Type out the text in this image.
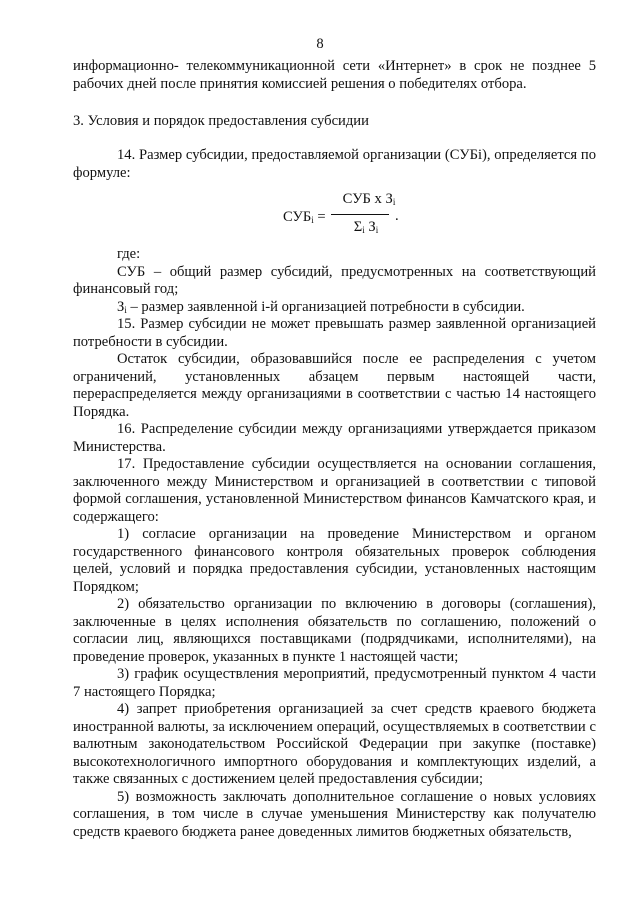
8

информационно- телекоммуникационной сети «Интернет» в срок не позднее 5 рабочих дней после принятия комиссией решения о победителях отбора.

3. Условия и порядок предоставления субсидии

14. Размер субсидии, предоставляемой организации (СУБi), определяется по формуле:

$СУБ_i$ =
СУБ х $З_i$
$\Sigma_i$ $З_i$
.

где:

СУБ – общий размер субсидий, предусмотренных на соответствующий финансовый год;

$З_i$ – размер заявленной i-й организацией потребности в субсидии.

15. Размер субсидии не может превышать размер заявленной организацией потребности в субсидии.

Остаток субсидии, образовавшийся после ее распределения с учетом ограничений, установленных абзацем первым настоящей части, перераспределяется между организациями в соответствии с частью 14 настоящего Порядка.

16. Распределение субсидии между организациями утверждается приказом Министерства.

17. Предоставление субсидии осуществляется на основании соглашения, заключенного между Министерством и организацией в соответствии с типовой формой соглашения, установленной Министерством финансов Камчатского края, и содержащего:

1) согласие организации на проведение Министерством и органом государственного финансового контроля обязательных проверок соблюдения целей, условий и порядка предоставления субсидии, установленных настоящим Порядком;

2) обязательство организации по включению в договоры (соглашения), заключенные в целях исполнения обязательств по соглашению, положений о согласии лиц, являющихся поставщиками (подрядчиками, исполнителями), на проведение проверок, указанных в пункте 1 настоящей части;

3) график осуществления мероприятий, предусмотренный пунктом 4 части 7 настоящего Порядка;

4) запрет приобретения организацией за счет средств краевого бюджета иностранной валюты, за исключением операций, осуществляемых в соответствии с валютным законодательством Российской Федерации при закупке (поставке) высокотехнологичного импортного оборудования и комплектующих изделий, а также связанных с достижением целей предоставления субсидии;

5) возможность заключать дополнительное соглашение о новых условиях соглашения, в том числе в случае уменьшения Министерству как получателю средств краевого бюджета ранее доведенных лимитов бюджетных обязательств,
